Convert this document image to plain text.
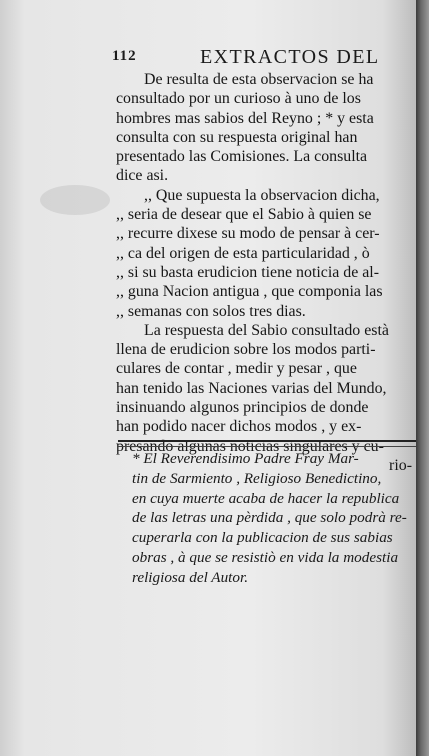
112	EXTRACTOS DEL
De resulta de esta observacion se ha
consultado por un curioso à uno de los
hombres mas sabios del Reyno ; * y esta
consulta con su respuesta original han
presentado las Comisiones. La consulta
dice asi.
,, Que supuesta la observacion dicha,
,, seria de desear que el Sabio à quien se
,, recurre dixese su modo de pensar à cer-
,, ca del origen de esta particularidad , ò
,, si su basta erudicion tiene noticia de al-
,, guna Nacion antigua , que componia las
,, semanas con solos tres dias.
La respuesta del Sabio consultado està
llena de erudicion sobre los modos parti-
culares de contar , medir y pesar , que
han tenido las Naciones varias del Mundo,
insinuando algunos principios de donde
han podido nacer dichos modos , y ex-
presando algunas noticias singulares y cu-
rio-
* El Reverendisimo Padre Fray Mar-
tin de Sarmiento , Religioso Benedictino,
en cuya muerte acaba de hacer la republica
de las letras una pèrdida , que solo podrà re-
cuperarla con la publicacion de sus sabias
obras , à que se resistiò en vida la modestia
religiosa del Autor.
